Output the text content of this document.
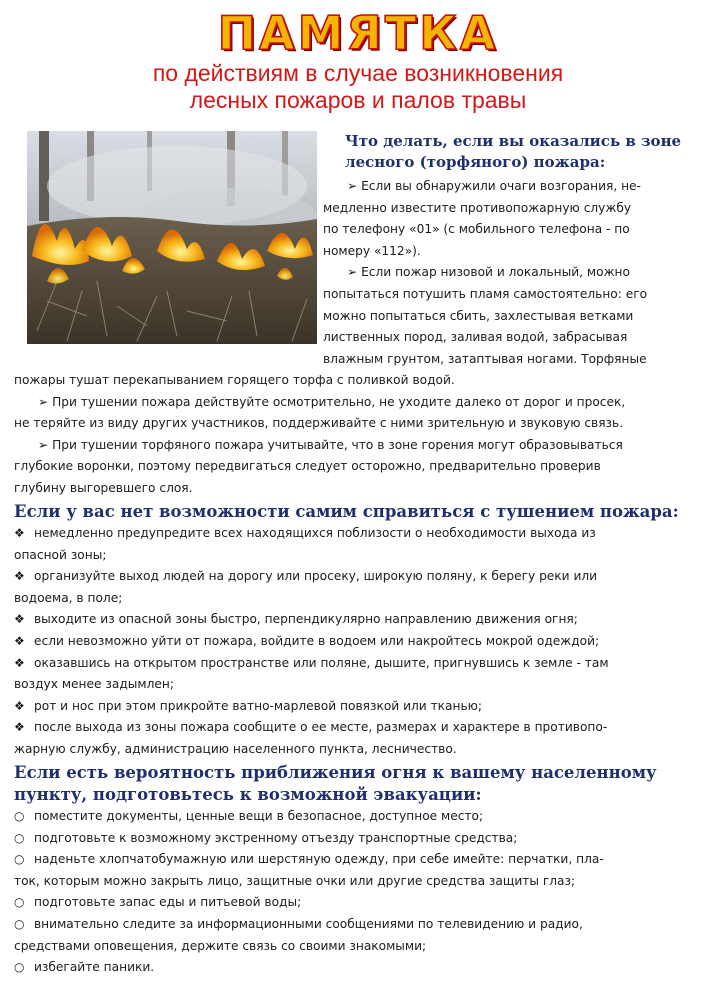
ПАМЯТКА
по действиям в случае возникновения
лесных пожаров и палов травы
Что делать, если вы оказались в зоне
лесного (торфяного) пожара:
➢ Если вы обнаружили очаги возгорания, не-
медленно известите противопожарную службу
по телефону «01» (с мобильного телефона - по
номеру «112»).
➢ Если пожар низовой и локальный, можно
попытаться потушить пламя самостоятельно: его
можно попытаться сбить, захлестывая ветками
лиственных пород, заливая водой, забрасывая
влажным грунтом, затаптывая ногами. Торфяные
пожары тушат перекапыванием горящего торфа с поливкой водой.
➢ При тушении пожара действуйте осмотрительно, не уходите далеко от дорог и просек,
не теряйте из виду других участников, поддерживайте с ними зрительную и звуковую связь.
➢ При тушении торфяного пожара учитывайте, что в зоне горения могут образовываться
глубокие воронки, поэтому передвигаться следует осторожно, предварительно проверив
глубину выгоревшего слоя.
Если у вас нет возможности самим справиться с тушением пожара:
❖ немедленно предупредите всех находящихся поблизости о необходимости выхода из
опасной зоны;
❖ организуйте выход людей на дорогу или просеку, широкую поляну, к берегу реки или
водоема, в поле;
❖ выходите из опасной зоны быстро, перпендикулярно направлению движения огня;
❖ если невозможно уйти от пожара, войдите в водоем или накройтесь мокрой одеждой;
❖ оказавшись на открытом пространстве или поляне, дышите, пригнувшись к земле - там
воздух менее задымлен;
❖ рот и нос при этом прикройте ватно-марлевой повязкой или тканью;
❖ после выхода из зоны пожара сообщите о ее месте, размерах и характере в противопо-
жарную службу, администрацию населенного пункта, лесничество.
Если есть вероятность приближения огня к вашему населенному
пункту, подготовьтесь к возможной эвакуации:
○ поместите документы, ценные вещи в безопасное, доступное место;
○ подготовьте к возможному экстренному отъезду транспортные средства;
○ наденьте хлопчатобумажную или шерстяную одежду, при себе имейте: перчатки, пла-
ток, которым можно закрыть лицо, защитные очки или другие средства защиты глаз;
○ подготовьте запас еды и питьевой воды;
○ внимательно следите за информационными сообщениями по телевидению и радио,
средствами оповещения, держите связь со своими знакомыми;
○ избегайте паники.
